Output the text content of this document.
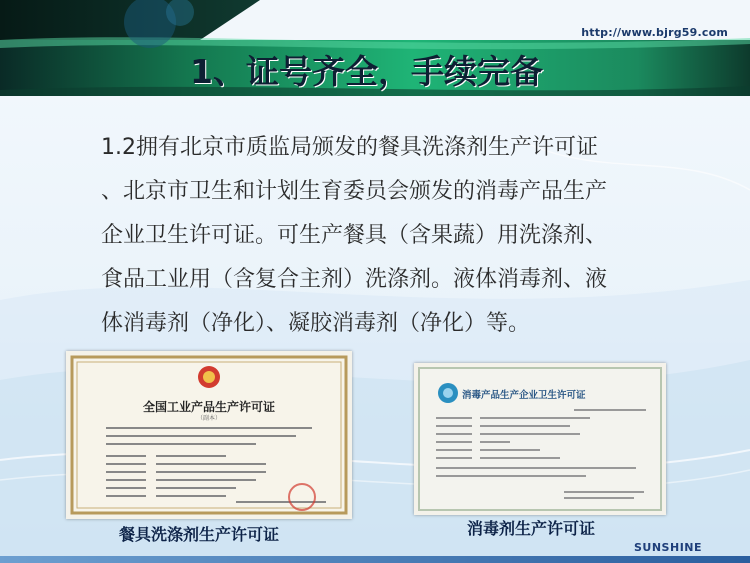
http://www.bjrg59.com
1、证号齐全，手续完备
1.2拥有北京市质监局颁发的餐具洗涤剂生产许可证
、北京市卫生和计划生育委员会颁发的消毒产品生产
企业卫生许可证。可生产餐具（含果蔬）用洗涤剂、
食品工业用（含复合主剂）洗涤剂。液体消毒剂、液
体消毒剂（净化）、凝胶消毒剂（净化）等。
全国工业产品生产许可证
（副本）
消毒产品生产企业卫生许可证
餐具洗涤剂生产许可证	消毒剂生产许可证
SUNSHINE
